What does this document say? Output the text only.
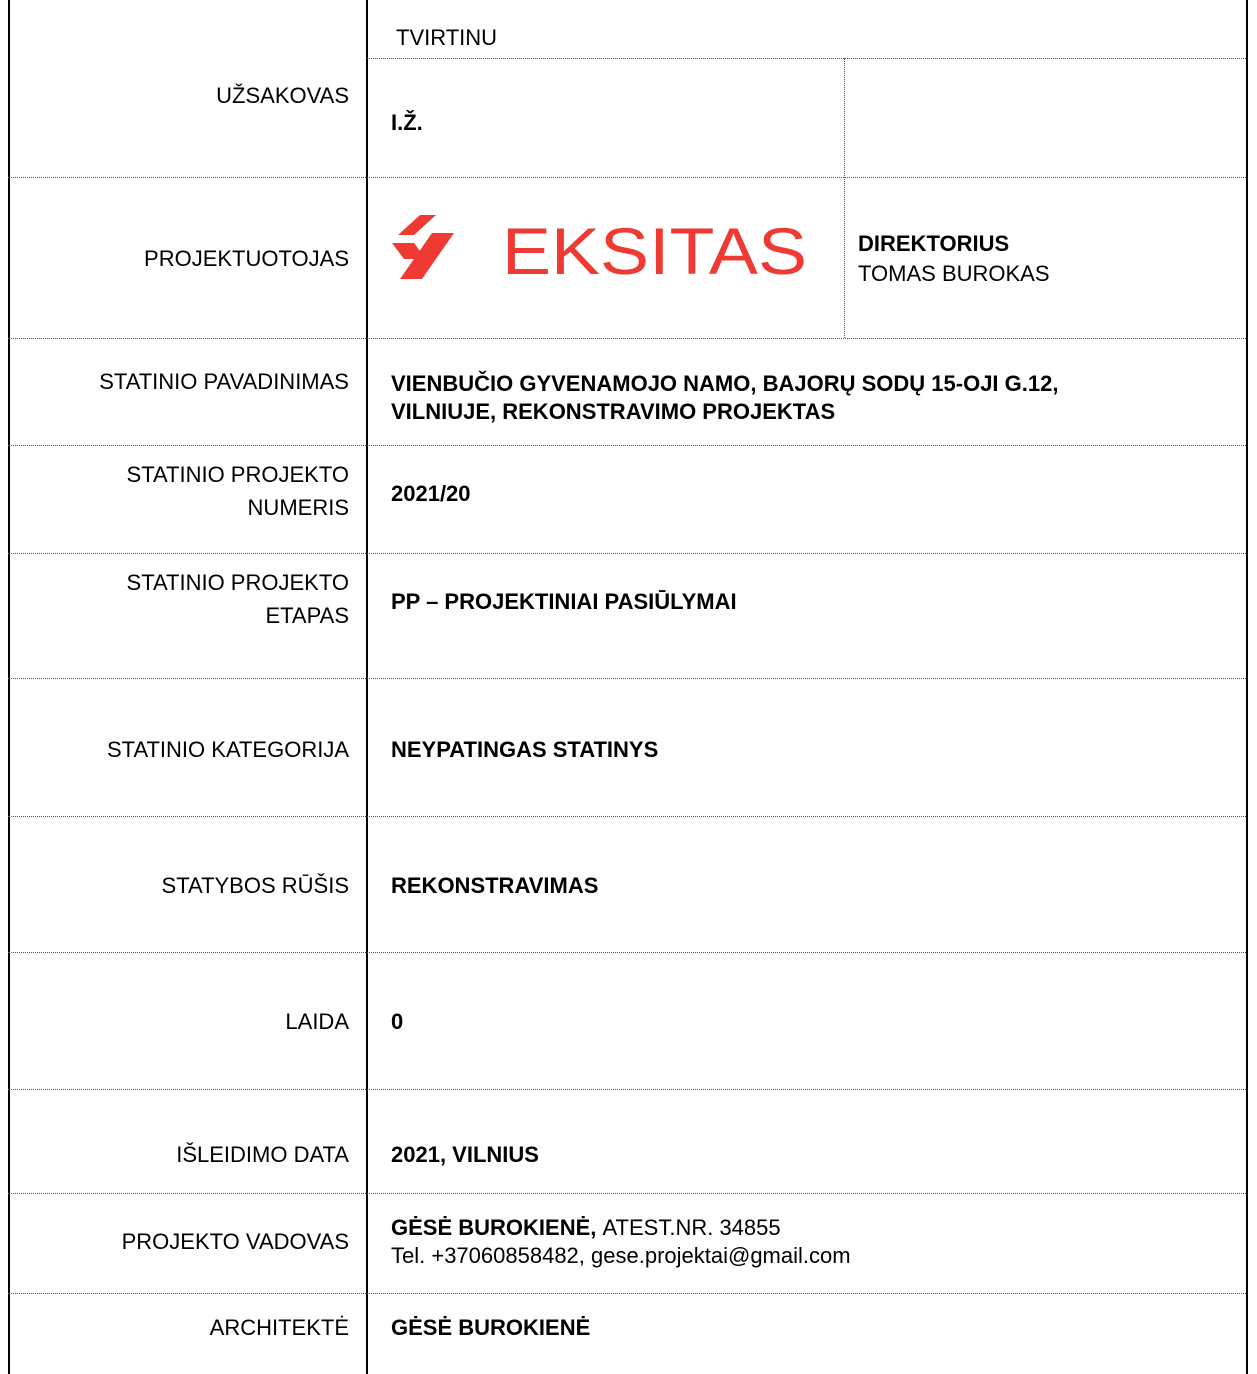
TVIRTINU
UŽSAKOVAS
I.Ž.
PROJEKTUOTOJAS EKSITAS DIREKTORIUS
TOMAS BUROKAS
STATINIO PAVADINIMAS VIENBUČIO GYVENAMOJO NAMO, BAJORŲ SODŲ 15-OJI G.12,
VILNIUJE, REKONSTRAVIMO PROJEKTAS
STATINIO PROJEKTO
NUMERIS
2021/20
STATINIO PROJEKTO
ETAPAS
PP – PROJEKTINIAI PASIŪLYMAI
STATINIO KATEGORIJA NEYPATINGAS STATINYS
STATYBOS RŪŠIS REKONSTRAVIMAS
LAIDA 0
IŠLEIDIMO DATA 2021, VILNIUS
PROJEKTO VADOVAS
GĖSĖ BUROKIENĖ, ATEST.NR. 34855
Tel. +37060858482, gese.projektai@gmail.com
ARCHITEKTĖ GĖSĖ BUROKIENĖ
